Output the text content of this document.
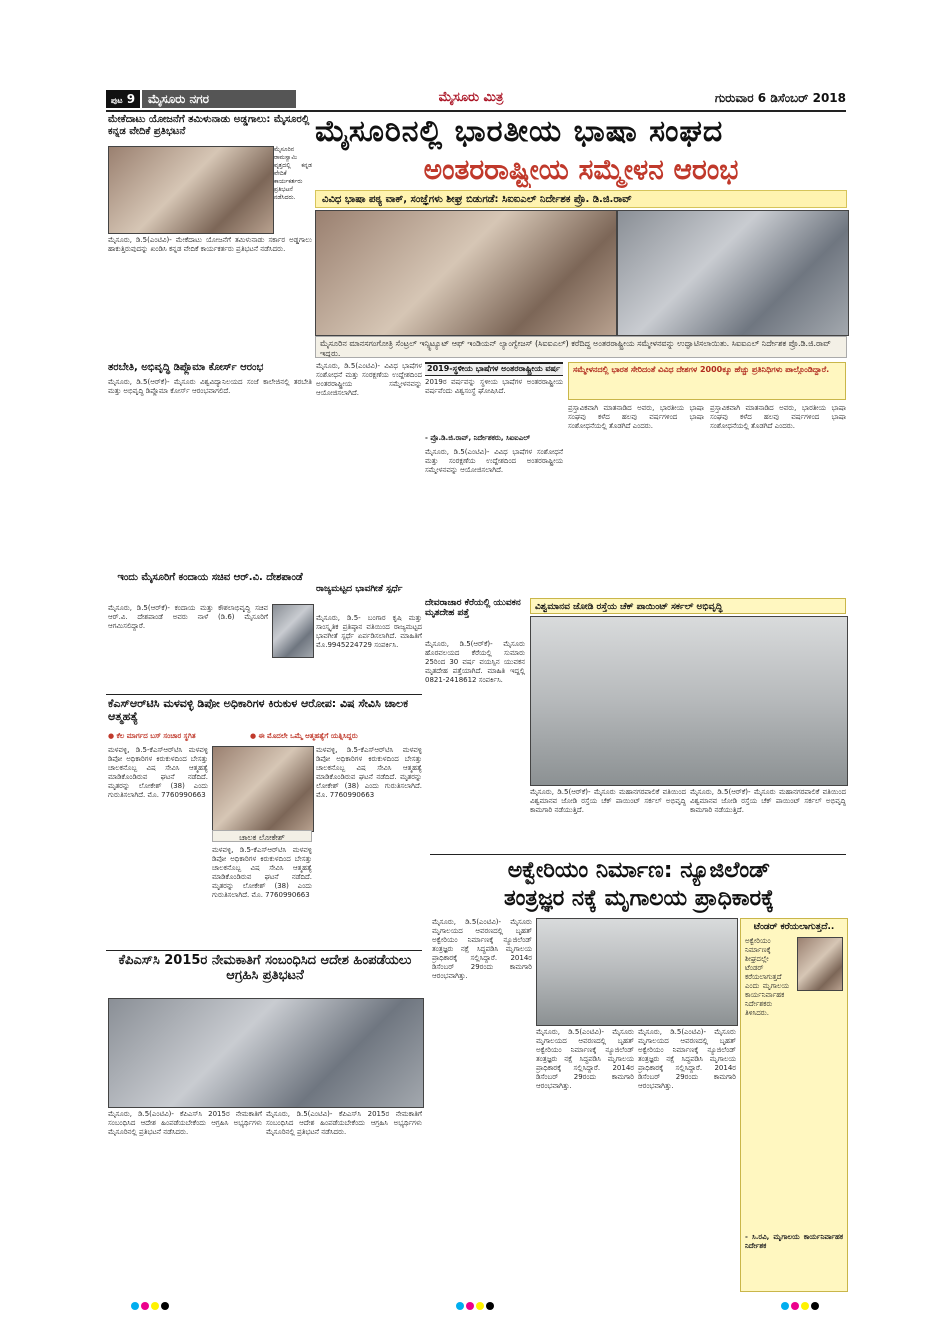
ಪುಟ 9	ಮೈಸೂರು ನಗರ	ಮೈಸೂರು ಮಿತ್ರ	ಗುರುವಾರ 6 ಡಿಸೆಂಬರ್ 2018
ಮೈಸೂರಿನಲ್ಲಿ ಭಾರತೀಯ ಭಾಷಾ ಸಂಘದ
ಅಂತರರಾಷ್ಟ್ರೀಯ ಸಮ್ಮೇಳನ ಆರಂಭ
ವಿವಿಧ ಭಾಷಾ ಪಠ್ಯ ವಾಕ್, ಸಂಜ್ಞೆಗಳು ಶೀಘ್ರ ಬಿಡುಗಡೆ: ಸಿಐಐಎಲ್ ನಿರ್ದೇಶಕ ಪ್ರೊ. ಡಿ.ಜಿ.ರಾವ್
ಮೈಸೂರಿನ ಮಾನಸಗಂಗೋತ್ರಿ ಸೆಂಟ್ರಲ್ ಇನ್ಸ್ಟಿಟ್ಯೂಟ್ ಆಫ್ ಇಂಡಿಯನ್ ಲ್ಯಾಂಗ್ವೇಜಸ್ (ಸಿಐಐಎಲ್) ಕರೆದಿದ್ದ ಅಂತರರಾಷ್ಟ್ರೀಯ ಸಮ್ಮೇಳನವನ್ನು ಉದ್ಘಾಟಿಸಲಾಯಿತು. ಸಿಐಐಎಲ್ ನಿರ್ದೇಶಕ ಪ್ರೊ.ಡಿ.ಜಿ.ರಾವ್ ಇದ್ದರು.
ಮೇಕೆದಾಟು ಯೋಜನೆಗೆ ತಮಿಳುನಾಡು ಅಡ್ಡಗಾಲು: ಮೈಸೂರಲ್ಲಿ ಕನ್ನಡ ವೇದಿಕೆ ಪ್ರತಿಭಟನೆ
ಮೈಸೂರಿನ ರಾಮಸ್ವಾಮಿ ವೃತ್ತದಲ್ಲಿ ಕನ್ನಡ ವೇದಿಕೆ ಕಾರ್ಯಕರ್ತರು ಪ್ರತಿಭಟನೆ ನಡೆಸಿದರು.
ಮೈಸೂರು, ಡಿ.5(ಎಂಟಿವಿ)- ಮೇಕೆದಾಟು ಯೋಜನೆಗೆ ತಮಿಳುನಾಡು ಸರ್ಕಾರ ಅಡ್ಡಗಾಲು ಹಾಕುತ್ತಿರುವುದನ್ನು ಖಂಡಿಸಿ ಕನ್ನಡ ವೇದಿಕೆ ಕಾರ್ಯಕರ್ತರು ಪ್ರತಿಭಟನೆ ನಡೆಸಿದರು.
ತರಬೇತಿ, ಅಭಿವೃದ್ಧಿ ಡಿಪ್ಲೊಮಾ ಕೋರ್ಸ್ ಆರಂಭ
ಮೈಸೂರು, ಡಿ.5(ಆರ್‌ಕೆ)- ಮೈಸೂರು ವಿಶ್ವವಿದ್ಯಾನಿಲಯದ ಸಂಜೆ ಕಾಲೇಜಿನಲ್ಲಿ ತರಬೇತಿ ಮತ್ತು ಅಭಿವೃದ್ಧಿ ಡಿಪ್ಲೊಮಾ ಕೋರ್ಸ್ ಆರಂಭವಾಗಲಿದೆ.
ಇಂದು ಮೈಸೂರಿಗೆ ಕಂದಾಯ ಸಚಿವ ಆರ್.ವಿ. ದೇಶಪಾಂಡೆ
ಮೈಸೂರು, ಡಿ.5(ಆರ್‌ಕೆ)- ಕಂದಾಯ ಮತ್ತು ಕೌಶಲಾಭಿವೃದ್ಧಿ ಸಚಿವ ಆರ್.ವಿ. ದೇಶಪಾಂಡೆ ಅವರು ನಾಳೆ (ಡಿ.6) ಮೈಸೂರಿಗೆ ಆಗಮಿಸಲಿದ್ದಾರೆ.
2019-ಸ್ಥಳೀಯ ಭಾಷೆಗಳ ಅಂತರರಾಷ್ಟ್ರೀಯ ವರ್ಷ
2019ರ ವರ್ಷವನ್ನು ಸ್ಥಳೀಯ ಭಾಷೆಗಳ ಅಂತರರಾಷ್ಟ್ರೀಯ ವರ್ಷವೆಂದು ವಿಶ್ವಸಂಸ್ಥೆ ಘೋಷಿಸಿದೆ.
- ಪ್ರೊ.ಡಿ.ಜಿ.ರಾವ್, ನಿರ್ದೇಶಕರು, ಸಿಐಐಎಲ್
ಮೈಸೂರು, ಡಿ.5(ಎಂಟಿವಿ)- ವಿವಿಧ ಭಾಷೆಗಳ ಸಂಶೋಧನೆ ಮತ್ತು ಸಂರಕ್ಷಣೆಯ ಉದ್ದೇಶದಿಂದ ಅಂತರರಾಷ್ಟ್ರೀಯ ಸಮ್ಮೇಳನವನ್ನು ಆಯೋಜಿಸಲಾಗಿದೆ.
ಮೈಸೂರು, ಡಿ.5(ಎಂಟಿವಿ)- ವಿವಿಧ ಭಾಷೆಗಳ ಸಂಶೋಧನೆ ಮತ್ತು ಸಂರಕ್ಷಣೆಯ ಉದ್ದೇಶದಿಂದ ಅಂತರರಾಷ್ಟ್ರೀಯ ಸಮ್ಮೇಳನವನ್ನು ಆಯೋಜಿಸಲಾಗಿದೆ.
ಸಮ್ಮೇಳನದಲ್ಲಿ ಭಾರತ ಸೇರಿದಂತೆ ವಿವಿಧ ದೇಶಗಳ 2000ಕ್ಕೂ ಹೆಚ್ಚು ಪ್ರತಿನಿಧಿಗಳು ಪಾಲ್ಗೊಂಡಿದ್ದಾರೆ.
ಪ್ರಸ್ತಾವಿಕವಾಗಿ ಮಾತನಾಡಿದ ಅವರು, ಭಾರತೀಯ ಭಾಷಾ ಸಂಘವು ಕಳೆದ ಹಲವು ವರ್ಷಗಳಿಂದ ಭಾಷಾ ಸಂಶೋಧನೆಯಲ್ಲಿ ತೊಡಗಿದೆ ಎಂದರು.
ಪ್ರಸ್ತಾವಿಕವಾಗಿ ಮಾತನಾಡಿದ ಅವರು, ಭಾರತೀಯ ಭಾಷಾ ಸಂಘವು ಕಳೆದ ಹಲವು ವರ್ಷಗಳಿಂದ ಭಾಷಾ ಸಂಶೋಧನೆಯಲ್ಲಿ ತೊಡಗಿದೆ ಎಂದರು.
ರಾಜ್ಯಮಟ್ಟದ ಭಾವಗೀತೆ ಸ್ಪರ್ಧೆ
ಮೈಸೂರು, ಡಿ.5- ಬಂಗಾರ ಕೃಷಿ ಮತ್ತು ಸಾಂಸ್ಕೃತಿಕ ಪ್ರತಿಷ್ಠಾನ ವತಿಯಿಂದ ರಾಜ್ಯಮಟ್ಟದ ಭಾವಗೀತೆ ಸ್ಪರ್ಧೆ ಏರ್ಪಡಿಸಲಾಗಿದೆ. ಮಾಹಿತಿಗೆ ಮೊ.9945224729 ಸಂಪರ್ಕಿಸಿ.
ದೇವರಾಜಾರ ಕೆರೆಯಲ್ಲಿ ಯುವಕನ ಮೃತದೇಹ ಪತ್ತೆ
ಮೈಸೂರು, ಡಿ.5(ಆರ್‌ಕೆ)- ಮೈಸೂರು ಹೊರವಲಯದ ಕೆರೆಯಲ್ಲಿ ಸುಮಾರು 25ರಿಂದ 30 ವರ್ಷ ವಯಸ್ಸಿನ ಯುವಕನ ಮೃತದೇಹ ಪತ್ತೆಯಾಗಿದೆ. ಮಾಹಿತಿ ಇದ್ದಲ್ಲಿ 0821-2418612 ಸಂಪರ್ಕಿಸಿ.
ವಿಶ್ವಮಾನವ ಜೋಡಿ ರಸ್ತೆಯ ಚೆಕ್ ಪಾಯಿಂಟ್ ಸರ್ಕಲ್ ಅಭಿವೃದ್ಧಿ
ಮೈಸೂರು, ಡಿ.5(ಆರ್‌ಕೆ)- ಮೈಸೂರು ಮಹಾನಗರಪಾಲಿಕೆ ವತಿಯಿಂದ ವಿಶ್ವಮಾನವ ಜೋಡಿ ರಸ್ತೆಯ ಚೆಕ್ ಪಾಯಿಂಟ್ ಸರ್ಕಲ್ ಅಭಿವೃದ್ಧಿ ಕಾಮಗಾರಿ ನಡೆಯುತ್ತಿದೆ.
ಮೈಸೂರು, ಡಿ.5(ಆರ್‌ಕೆ)- ಮೈಸೂರು ಮಹಾನಗರಪಾಲಿಕೆ ವತಿಯಿಂದ ವಿಶ್ವಮಾನವ ಜೋಡಿ ರಸ್ತೆಯ ಚೆಕ್ ಪಾಯಿಂಟ್ ಸರ್ಕಲ್ ಅಭಿವೃದ್ಧಿ ಕಾಮಗಾರಿ ನಡೆಯುತ್ತಿದೆ.
ಕೆಎಸ್‌ಆರ್‌ಟಿಸಿ ಮಳವಳ್ಳಿ ಡಿಪೋ ಅಧಿಕಾರಿಗಳ ಕಿರುಕುಳ ಆರೋಪ: ವಿಷ ಸೇವಿಸಿ ಚಾಲಕ ಆತ್ಮಹತ್ಯೆ
● ಕೆಲ ಮಾರ್ಗದ ಬಸ್ ಸಂಚಾರ ಸ್ಥಗಿತ	● ಈ ಮೊದಲೇ ಒಮ್ಮೆ ಆತ್ಮಹತ್ಯೆಗೆ ಯತ್ನಿಸಿದ್ದರು
ಚಾಲಕ ಲೋಕೇಶ್
ಮಳವಳ್ಳಿ, ಡಿ.5-ಕೆಎಸ್‌ಆರ್‌ಟಿಸಿ ಮಳವಳ್ಳಿ ಡಿಪೋ ಅಧಿಕಾರಿಗಳ ಕಿರುಕುಳದಿಂದ ಬೇಸತ್ತು ಚಾಲಕನೊಬ್ಬ ವಿಷ ಸೇವಿಸಿ ಆತ್ಮಹತ್ಯೆ ಮಾಡಿಕೊಂಡಿರುವ ಘಟನೆ ನಡೆದಿದೆ. ಮೃತರನ್ನು ಲೋಕೇಶ್ (38) ಎಂದು ಗುರುತಿಸಲಾಗಿದೆ. ಮೊ. 7760990663
ಮಳವಳ್ಳಿ, ಡಿ.5-ಕೆಎಸ್‌ಆರ್‌ಟಿಸಿ ಮಳವಳ್ಳಿ ಡಿಪೋ ಅಧಿಕಾರಿಗಳ ಕಿರುಕುಳದಿಂದ ಬೇಸತ್ತು ಚಾಲಕನೊಬ್ಬ ವಿಷ ಸೇವಿಸಿ ಆತ್ಮಹತ್ಯೆ ಮಾಡಿಕೊಂಡಿರುವ ಘಟನೆ ನಡೆದಿದೆ. ಮೃತರನ್ನು ಲೋಕೇಶ್ (38) ಎಂದು ಗುರುತಿಸಲಾಗಿದೆ. ಮೊ. 7760990663
ಮಳವಳ್ಳಿ, ಡಿ.5-ಕೆಎಸ್‌ಆರ್‌ಟಿಸಿ ಮಳವಳ್ಳಿ ಡಿಪೋ ಅಧಿಕಾರಿಗಳ ಕಿರುಕುಳದಿಂದ ಬೇಸತ್ತು ಚಾಲಕನೊಬ್ಬ ವಿಷ ಸೇವಿಸಿ ಆತ್ಮಹತ್ಯೆ ಮಾಡಿಕೊಂಡಿರುವ ಘಟನೆ ನಡೆದಿದೆ. ಮೃತರನ್ನು ಲೋಕೇಶ್ (38) ಎಂದು ಗುರುತಿಸಲಾಗಿದೆ. ಮೊ. 7760990663
ಕೆಪಿಎಸ್‌ಸಿ 2015ರ ನೇಮಕಾತಿಗೆ ಸಂಬಂಧಿಸಿದ ಆದೇಶ ಹಿಂಪಡೆಯಲು ಆಗ್ರಹಿಸಿ ಪ್ರತಿಭಟನೆ
ಮೈಸೂರು, ಡಿ.5(ಎಂಟಿವಿ)- ಕೆಪಿಎಸ್‌ಸಿ 2015ರ ನೇಮಕಾತಿಗೆ ಸಂಬಂಧಿಸಿದ ಆದೇಶ ಹಿಂಪಡೆಯಬೇಕೆಂದು ಆಗ್ರಹಿಸಿ ಅಭ್ಯರ್ಥಿಗಳು ಮೈಸೂರಿನಲ್ಲಿ ಪ್ರತಿಭಟನೆ ನಡೆಸಿದರು.
ಮೈಸೂರು, ಡಿ.5(ಎಂಟಿವಿ)- ಕೆಪಿಎಸ್‌ಸಿ 2015ರ ನೇಮಕಾತಿಗೆ ಸಂಬಂಧಿಸಿದ ಆದೇಶ ಹಿಂಪಡೆಯಬೇಕೆಂದು ಆಗ್ರಹಿಸಿ ಅಭ್ಯರ್ಥಿಗಳು ಮೈಸೂರಿನಲ್ಲಿ ಪ್ರತಿಭಟನೆ ನಡೆಸಿದರು.
ಅಕ್ವೇರಿಯಂ ನಿರ್ಮಾಣ: ನ್ಯೂಜಿಲೆಂಡ್
ತಂತ್ರಜ್ಞರ ನಕ್ಕೆ ಮೃಗಾಲಯ ಪ್ರಾಧಿಕಾರಕ್ಕೆ
ಮೈಸೂರು, ಡಿ.5(ಎಂಟಿವಿ)- ಮೈಸೂರು ಮೃಗಾಲಯದ ಆವರಣದಲ್ಲಿ ಬೃಹತ್ ಅಕ್ವೇರಿಯಂ ನಿರ್ಮಾಣಕ್ಕೆ ನ್ಯೂಜಿಲೆಂಡ್ ತಂತ್ರಜ್ಞರು ನಕ್ಷೆ ಸಿದ್ಧಪಡಿಸಿ ಮೃಗಾಲಯ ಪ್ರಾಧಿಕಾರಕ್ಕೆ ಸಲ್ಲಿಸಿದ್ದಾರೆ. 2014ರ ಡಿಸೆಂಬರ್ 29ರಂದು ಕಾಮಗಾರಿ ಆರಂಭವಾಗಿತ್ತು.
ಮೈಸೂರು, ಡಿ.5(ಎಂಟಿವಿ)- ಮೈಸೂರು ಮೃಗಾಲಯದ ಆವರಣದಲ್ಲಿ ಬೃಹತ್ ಅಕ್ವೇರಿಯಂ ನಿರ್ಮಾಣಕ್ಕೆ ನ್ಯೂಜಿಲೆಂಡ್ ತಂತ್ರಜ್ಞರು ನಕ್ಷೆ ಸಿದ್ಧಪಡಿಸಿ ಮೃಗಾಲಯ ಪ್ರಾಧಿಕಾರಕ್ಕೆ ಸಲ್ಲಿಸಿದ್ದಾರೆ. 2014ರ ಡಿಸೆಂಬರ್ 29ರಂದು ಕಾಮಗಾರಿ ಆರಂಭವಾಗಿತ್ತು.
ಮೈಸೂರು, ಡಿ.5(ಎಂಟಿವಿ)- ಮೈಸೂರು ಮೃಗಾಲಯದ ಆವರಣದಲ್ಲಿ ಬೃಹತ್ ಅಕ್ವೇರಿಯಂ ನಿರ್ಮಾಣಕ್ಕೆ ನ್ಯೂಜಿಲೆಂಡ್ ತಂತ್ರಜ್ಞರು ನಕ್ಷೆ ಸಿದ್ಧಪಡಿಸಿ ಮೃಗಾಲಯ ಪ್ರಾಧಿಕಾರಕ್ಕೆ ಸಲ್ಲಿಸಿದ್ದಾರೆ. 2014ರ ಡಿಸೆಂಬರ್ 29ರಂದು ಕಾಮಗಾರಿ ಆರಂಭವಾಗಿತ್ತು.
ಟೆಂಡರ್ ಕರೆಯಲಾಗುತ್ತದೆ..
ಅಕ್ವೇರಿಯಂ ನಿರ್ಮಾಣಕ್ಕೆ ಶೀಘ್ರದಲ್ಲೇ ಟೆಂಡರ್ ಕರೆಯಲಾಗುತ್ತದೆ ಎಂದು ಮೃಗಾಲಯ ಕಾರ್ಯನಿರ್ವಾಹಕ ನಿರ್ದೇಶಕರು ತಿಳಿಸಿದರು.
- ಸಿ.ರವಿ, ಮೃಗಾಲಯ ಕಾರ್ಯನಿರ್ವಾಹಕ ನಿರ್ದೇಶಕ
